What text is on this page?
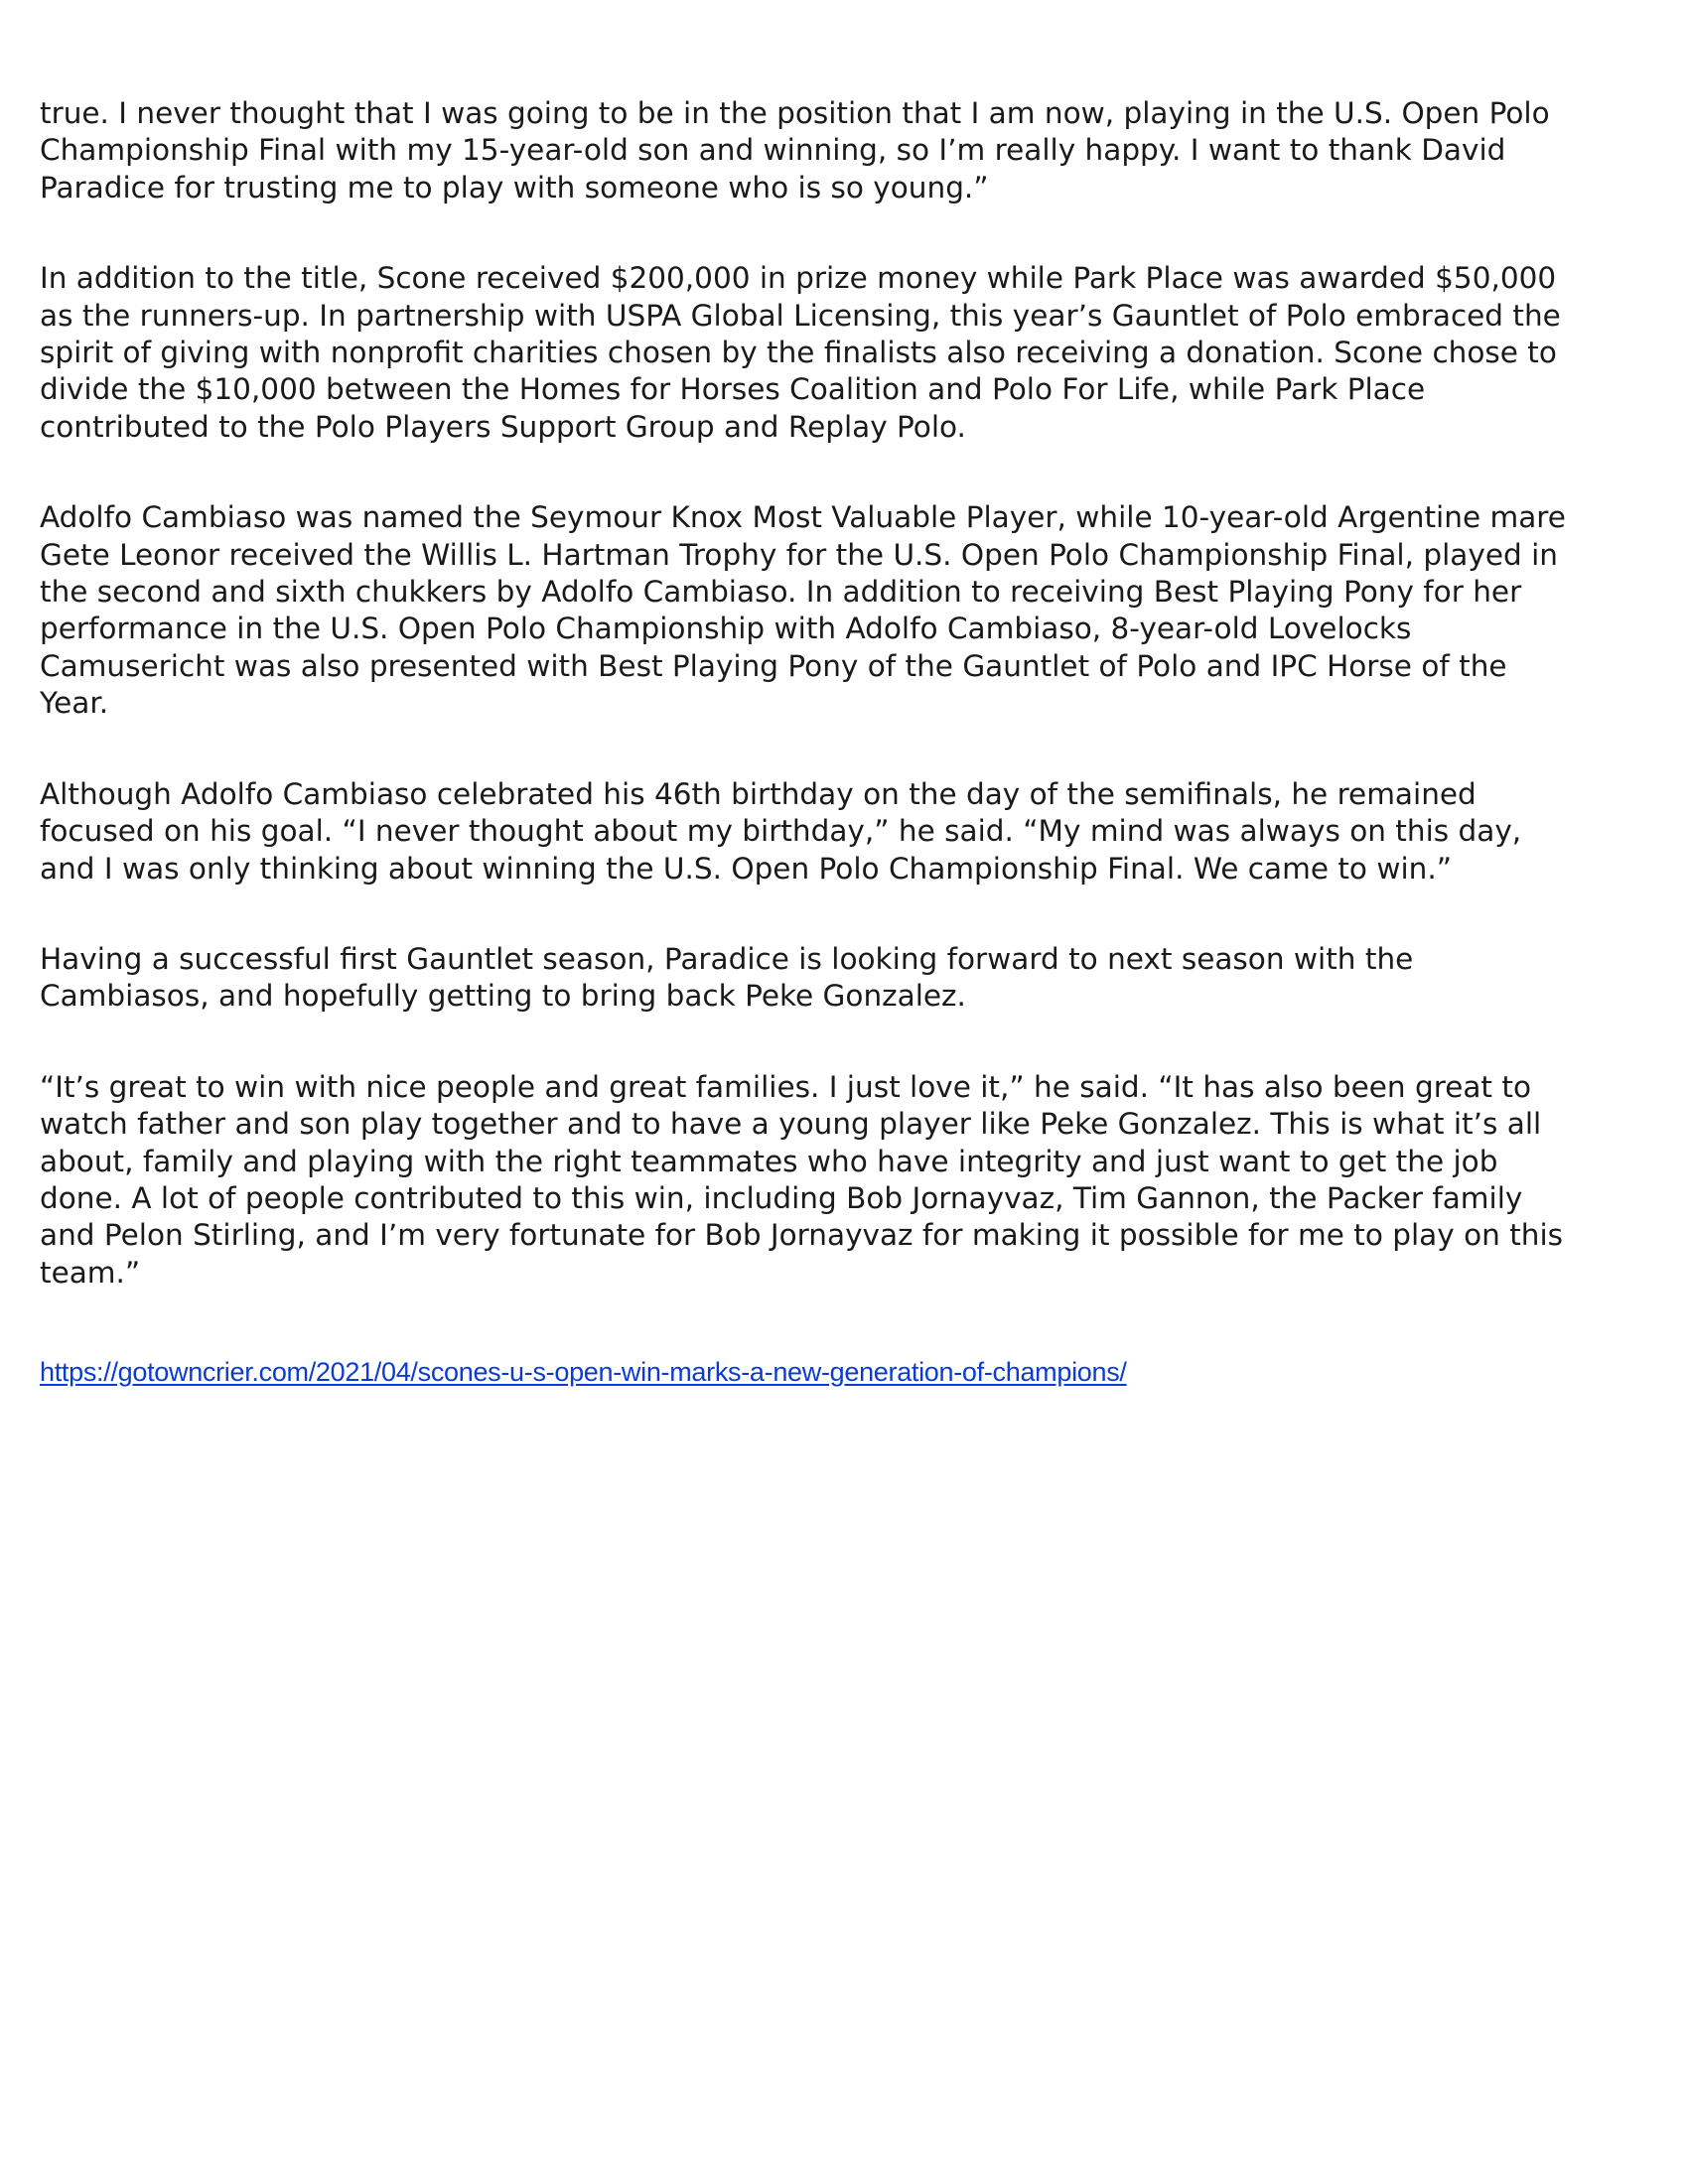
true. I never thought that I was going to be in the position that I am now, playing in the U.S. Open Polo
Championship Final with my 15-year-old son and winning, so I’m really happy. I want to thank David
Paradice for trusting me to play with someone who is so young.”

In addition to the title, Scone received $200,000 in prize money while Park Place was awarded $50,000
as the runners-up. In partnership with USPA Global Licensing, this year’s Gauntlet of Polo embraced the
spirit of giving with nonprofit charities chosen by the finalists also receiving a donation. Scone chose to
divide the $10,000 between the Homes for Horses Coalition and Polo For Life, while Park Place
contributed to the Polo Players Support Group and Replay Polo.

Adolfo Cambiaso was named the Seymour Knox Most Valuable Player, while 10-year-old Argentine mare
Gete Leonor received the Willis L. Hartman Trophy for the U.S. Open Polo Championship Final, played in
the second and sixth chukkers by Adolfo Cambiaso. In addition to receiving Best Playing Pony for her
performance in the U.S. Open Polo Championship with Adolfo Cambiaso, 8-year-old Lovelocks
Camusericht was also presented with Best Playing Pony of the Gauntlet of Polo and IPC Horse of the
Year.

Although Adolfo Cambiaso celebrated his 46th birthday on the day of the semifinals, he remained
focused on his goal. “I never thought about my birthday,” he said. “My mind was always on this day,
and I was only thinking about winning the U.S. Open Polo Championship Final. We came to win.”

Having a successful first Gauntlet season, Paradice is looking forward to next season with the
Cambiasos, and hopefully getting to bring back Peke Gonzalez.

“It’s great to win with nice people and great families. I just love it,” he said. “It has also been great to
watch father and son play together and to have a young player like Peke Gonzalez. This is what it’s all
about, family and playing with the right teammates who have integrity and just want to get the job
done. A lot of people contributed to this win, including Bob Jornayvaz, Tim Gannon, the Packer family
and Pelon Stirling, and I’m very fortunate for Bob Jornayvaz for making it possible for me to play on this
team.”

https://gotowncrier.com/2021/04/scones-u-s-open-win-marks-a-new-generation-of-champions/
